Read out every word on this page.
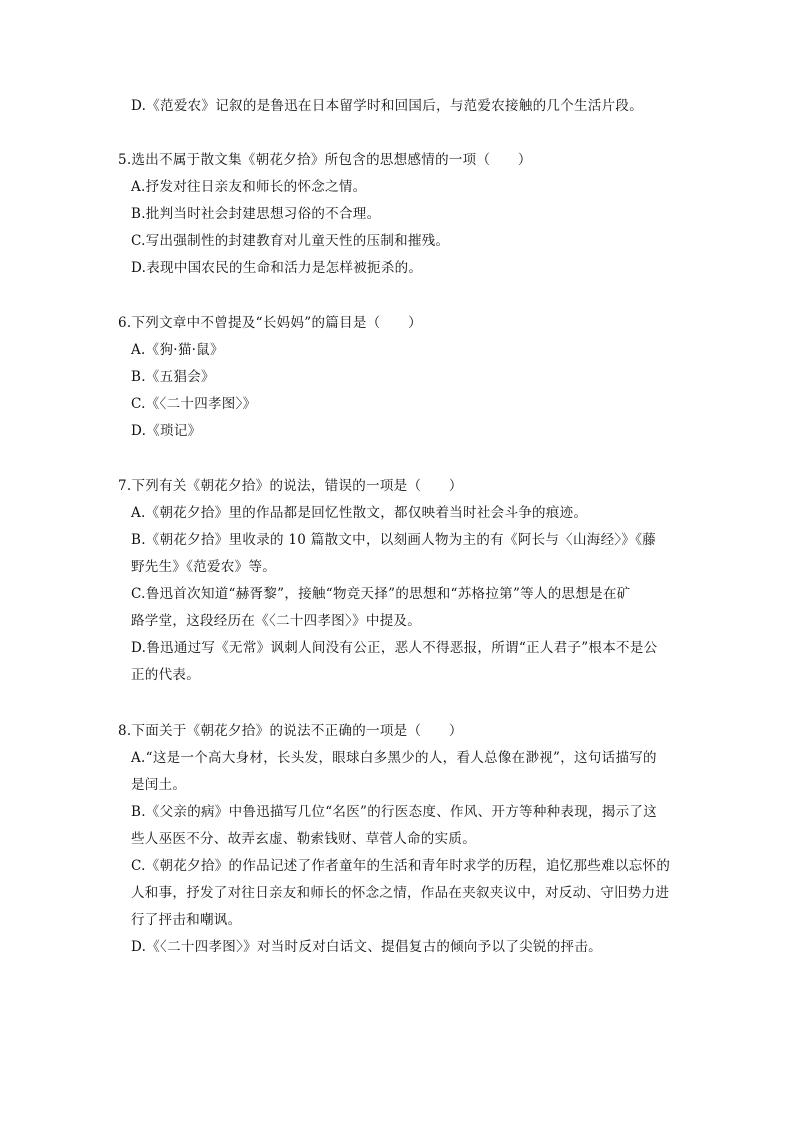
D.《范爱农》记叙的是鲁迅在日本留学时和回国后，与范爱农接触的几个生活片段。
5.选出不属于散文集《朝花夕拾》所包含的思想感情的一项（　　）
A.抒发对往日亲友和师长的怀念之情。
B.批判当时社会封建思想习俗的不合理。
C.写出强制性的封建教育对儿童天性的压制和摧残。
D.表现中国农民的生命和活力是怎样被扼杀的。
6.下列文章中不曾提及“长妈妈”的篇目是（　　）
A.《狗·猫·鼠》
B.《五猖会》
C.《〈二十四孝图〉》
D.《琐记》
7.下列有关《朝花夕拾》的说法，错误的一项是（　　）
A.《朝花夕拾》里的作品都是回忆性散文，都仅映着当时社会斗争的痕迹。
B.《朝花夕拾》里收录的 10 篇散文中，以刻画人物为主的有《阿长与〈山海经〉》《藤
野先生》《范爱农》等。
C.鲁迅首次知道“赫胥黎”，接触“物竞天择”的思想和“苏格拉第”等人的思想是在矿
路学堂，这段经历在《〈二十四孝图〉》中提及。
D.鲁迅通过写《无常》讽刺人间没有公正，恶人不得恶报，所谓“正人君子”根本不是公
正的代表。
8.下面关于《朝花夕拾》的说法不正确的一项是（　　）
A.“这是一个高大身材，长头发，眼球白多黑少的人，看人总像在渺视”，这句话描写的
是闰土。
B.《父亲的病》中鲁迅描写几位“名医”的行医态度、作风、开方等种种表现，揭示了这
些人巫医不分、故弄玄虚、勒索钱财、草菅人命的实质。
C.《朝花夕拾》的作品记述了作者童年的生活和青年时求学的历程，追忆那些难以忘怀的
人和事，抒发了对往日亲友和师长的怀念之情，作品在夹叙夹议中，对反动、守旧势力进
行了抨击和嘲讽。
D.《〈二十四孝图〉》对当时反对白话文、提倡复古的倾向予以了尖锐的抨击。
